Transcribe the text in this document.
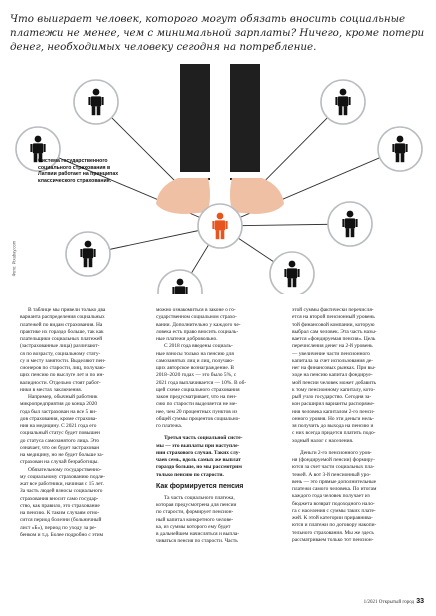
Что выиграет человек, которого могут обязать вносить социальные
платежи не менее, чем с минимальной зарплаты? Ничего, кроме потери
денег, необходимых человеку сегодня на потребление.
Фото: Pixabay.com
Система государственного
социального страхования в
Латвии работает на принципах
классического страхования.
В таблице мы привели только два
варианта распределения социальных
платежей по видам страхования. На
практике их гораздо больше, так как
плательщики социальных платежей
(застрахованные лица) различают-
ся по возрасту, социальному стату-
су и месту занятости. Выделяют пен-
сионеров по старости, лиц, получаю-
щих пенсию по выслуге лет и по ин-
валидности. Отдельно стоят работ-
ники в местах заключения.
Например, обычный работник
микропредприятия до конца 2020
года был застрахован на все 5 ви-
дов страхования, кроме страхова-
ния на медицину. С 2021 года его
социальный статус будет повышен
до статуса самозанятого лица. Это
означает, что он будет застрахован
на медицину, но не будет больше за-
страхован на случай безработицы.
Обязательному государственно-
му социальному страхованию подле-
жат все работники, начиная с 15 лет.
За часть людей взносы социального
страхования вносит само государ-
ство, как правило, это страхование
на пенсию. К таким случаям отно-
сится период болезни (больничный
лист «Б»), период по уходу за ре-
бенком и т.д. Более подробно с этим
можно ознакомиться в законе о го-
сударственном социальном страхо-
вании. Дополнительно у каждого че-
ловека есть право вносить социаль-
ные платежи добровольно.
С 2018 года введены социаль-
ные взносы только на пенсию для
самозанятых лиц и лиц, получаю-
щих авторское вознаграждение. В
2018–2020 годах — это было 5%, с
2021 года выплачивается — 10%. В об-
щей схеме социального страхования
закон предусматривает, что на пен-
сию по старости выделяется не ме-
нее, чем 20 процентных пунктов из
общей суммы процентов социально-
го платежа.
Третья часть социальной систе-
мы — это выплаты при наступле-
нии страхового случая. Таких слу-
чаев семь, вдоль самых же выплат
гораздо больше, но мы рассмотрим
только пенсию по старости.
Как формируется пенсия
Та часть социального платежа,
которая предусмотрена для пенсии
по старости, формирует пенсион-
ный капитал конкретного челове-
ка, из суммы которого ему будет
в дальнейшем начисляться и выпла-
чиваться пенсия по старости. Часть
этой суммы фактически перечисля-
ется на второй пенсионный уровень
той финансовой компании, которую
выбрал сам человек. Эта часть назы-
вается «фондируемая пенсия». Цель
перечисления денег на 2-й уровень
— увеличение части пенсионного
капитала за счет использования де-
нег на финансовых рынках. При вы-
ходе на пенсию капитал фондируе-
мой пенсии человек может добавить
к тому пенсионному капиталу, кото-
рый учло государство. Сегодня за-
кон расширил варианты распоряже-
ния человека капиталом 2-го пенси-
онного уровня. Но эти деньги нель-
зя получить до выхода на пенсию и
с них всегда придется платить подо-
ходный налог с населения.
Деньги 2-го пенсионного уров-
ня (фондируемой пенсии) формиру-
ются за счет части социальных пла-
тежей. А вот 3-й пенсионный уро-
вень — это прямые дополнительные
платежи самого человека. По итогам
каждого года человек получает из
бюджета возврат подоходного нало-
га с населения с суммы таких плате-
жей. К этой категории приравнива-
ются и платежи по договору накопи-
тельного страхования. Мы же здесь
рассматриваем только тот пенсион-
1/2021 Открытый город 33
